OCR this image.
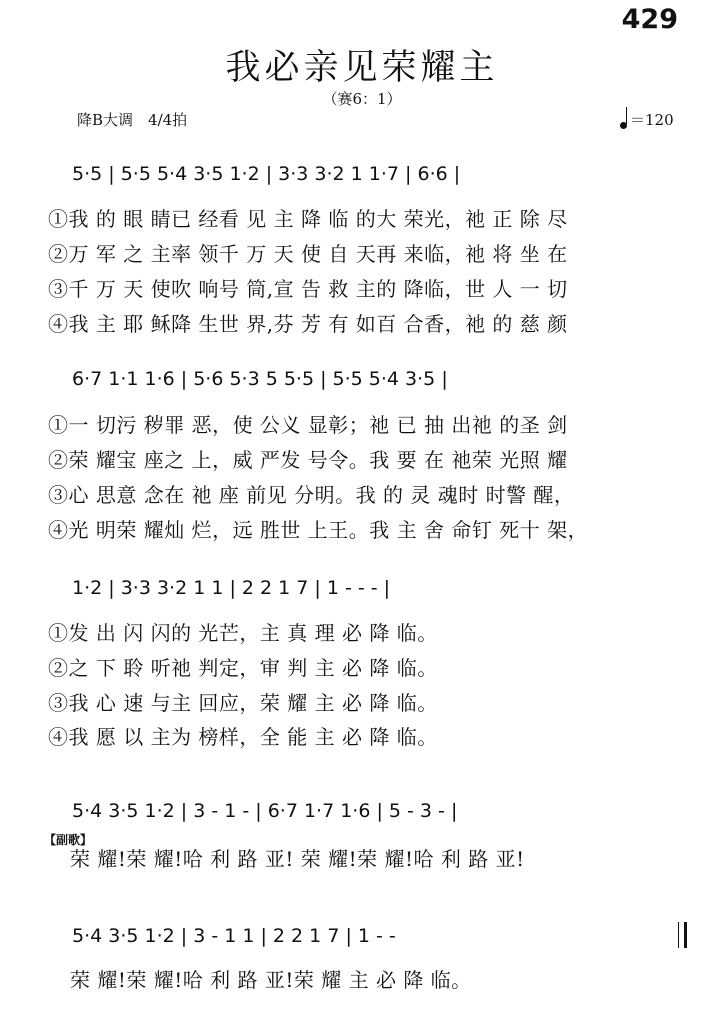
429
我必亲见荣耀主
（赛6：1）
降B大调　4/4拍	＝120
5·5 | 5·5 5·4 3·5 1·2 | 3·3 3·2 1 1·7 | 6·6 |
①我 的 眼 睛已 经看 见 主 降 临 的大 荣光，祂 正 除 尽
②万 军 之 主率 领千 万 天 使 自 天再 来临，祂 将 坐 在
③千 万 天 使吹 响号 筒,宣 告 救 主的 降临，世 人 一 切
④我 主 耶 稣降 生世 界,芬 芳 有 如百 合香，祂 的 慈 颜
6·7 1·1 1·6 | 5·6 5·3 5 5·5 | 5·5 5·4 3·5 |
①一 切污 秽罪 恶，使 公义 显彰；祂 已 抽 出祂 的圣 剑
②荣 耀宝 座之 上，威 严发 号令。我 要 在 祂荣 光照 耀
③心 思意 念在 祂 座 前见 分明。我 的 灵 魂时 时警 醒，
④光 明荣 耀灿 烂，远 胜世 上王。我 主 舍 命钉 死十 架，
1·2 | 3·3 3·2 1 1 | 2 2 1 7 | 1 - - - |
①发 出 闪 闪的 光芒，主 真 理 必 降 临。
②之 下 聆 听祂 判定，审 判 主 必 降 临。
③我 心 速 与主 回应，荣 耀 主 必 降 临。
④我 愿 以 主为 榜样，全 能 主 必 降 临。
【副歌】
5·4 3·5 1·2 | 3 - 1 - | 6·7 1·7 1·6 | 5 - 3 - |
荣 耀!荣 耀!哈 利 路 亚! 荣 耀!荣 耀!哈 利 路 亚!
5·4 3·5 1·2 | 3 - 1 1 | 2 2 1 7 | 1 - -
荣 耀!荣 耀!哈 利 路 亚!荣 耀 主 必 降 临。
